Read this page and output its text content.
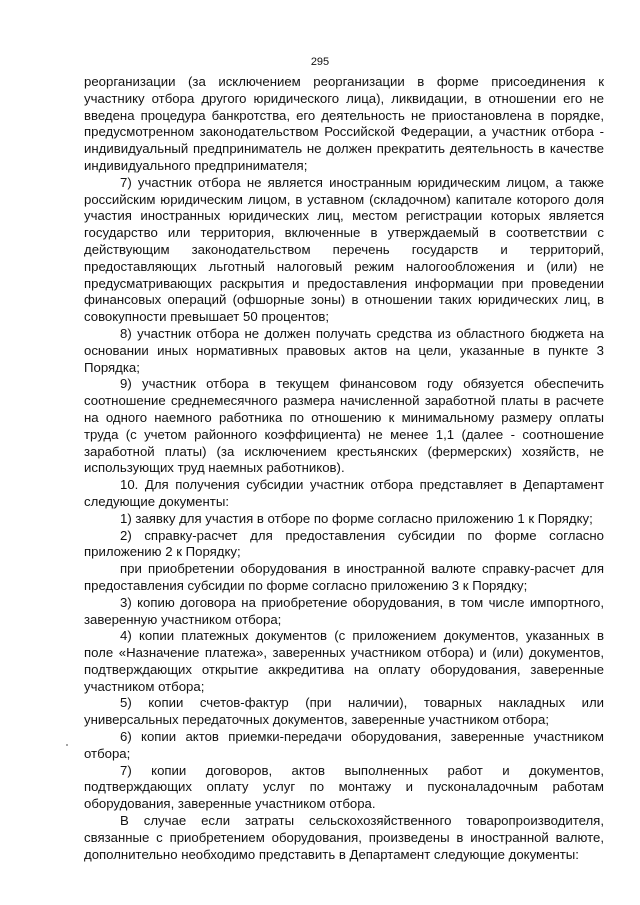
295

реорганизации (за исключением реорганизации в форме присоединения к участнику отбора другого юридического лица), ликвидации, в отношении его не введена процедура банкротства, его деятельность не приостановлена в порядке, предусмотренном законодательством Российской Федерации, а участник отбора - индивидуальный предприниматель не должен прекратить деятельность в качестве индивидуального предпринимателя;

7) участник отбора не является иностранным юридическим лицом, а также российским юридическим лицом, в уставном (складочном) капитале которого доля участия иностранных юридических лиц, местом регистрации которых является государство или территория, включенные в утверждаемый в соответствии с действующим законодательством перечень государств и территорий, предоставляющих льготный налоговый режим налогообложения и (или) не предусматривающих раскрытия и предоставления информации при проведении финансовых операций (офшорные зоны) в отношении таких юридических лиц, в совокупности превышает 50 процентов;

8) участник отбора не должен получать средства из областного бюджета на основании иных нормативных правовых актов на цели, указанные в пункте 3 Порядка;

9) участник отбора в текущем финансовом году обязуется обеспечить соотношение среднемесячного размера начисленной заработной платы в расчете на одного наемного работника по отношению к минимальному размеру оплаты труда (с учетом районного коэффициента) не менее 1,1 (далее - соотношение заработной платы) (за исключением крестьянских (фермерских) хозяйств, не использующих труд наемных работников).

10. Для получения субсидии участник отбора представляет в Департамент следующие документы:

1) заявку для участия в отборе по форме согласно приложению 1 к Порядку;

2) справку-расчет для предоставления субсидии по форме согласно приложению 2 к Порядку;

при приобретении оборудования в иностранной валюте справку-расчет для предоставления субсидии по форме согласно приложению 3 к Порядку;

3) копию договора на приобретение оборудования, в том числе импортного, заверенную участником отбора;

4) копии платежных документов (с приложением документов, указанных в поле «Назначение платежа», заверенных участником отбора) и (или) документов, подтверждающих открытие аккредитива на оплату оборудования, заверенные участником отбора;

5) копии счетов-фактур (при наличии), товарных накладных или универсальных передаточных документов, заверенные участником отбора;

6) копии актов приемки-передачи оборудования, заверенные участником отбора;

7) копии договоров, актов выполненных работ и документов, подтверждающих оплату услуг по монтажу и пусконаладочным работам оборудования, заверенные участником отбора.

В случае если затраты сельскохозяйственного товаропроизводителя, связанные с приобретением оборудования, произведены в иностранной валюте, дополнительно необходимо представить в Департамент следующие документы:
